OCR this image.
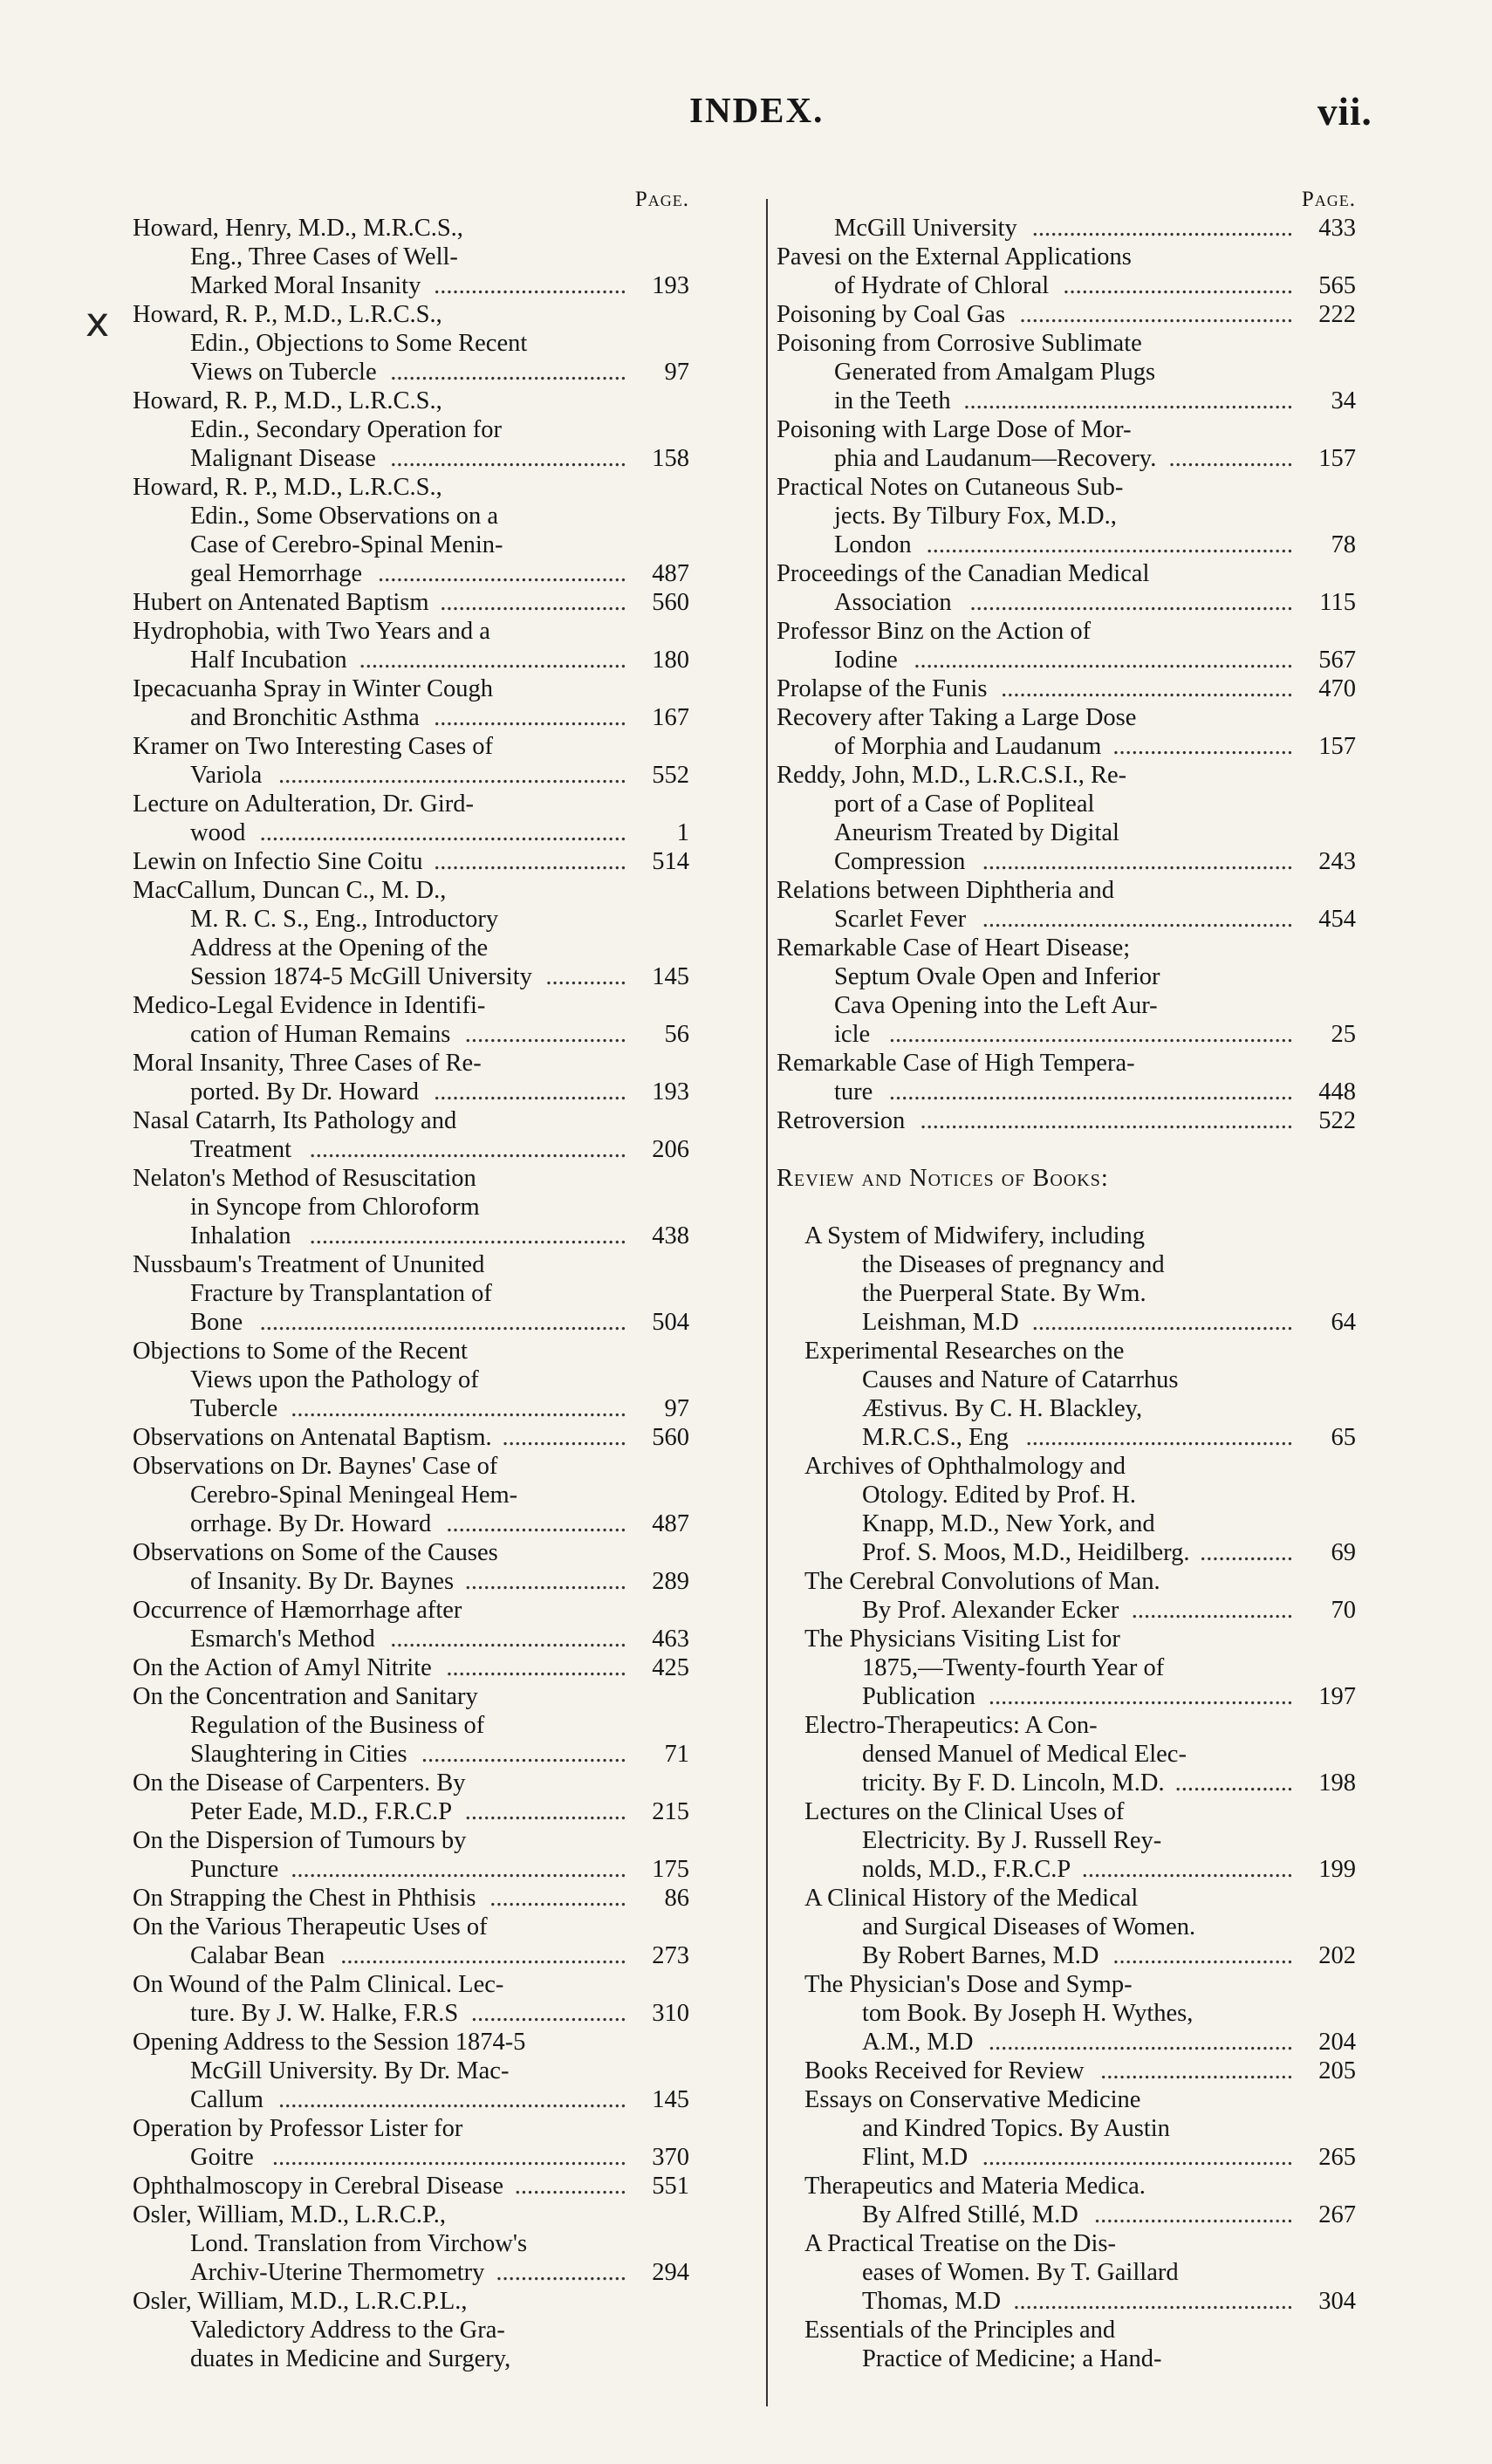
INDEX.	vii.
x
Page.
Howard, Henry, M.D., M.R.C.S.,
Eng., Three Cases of Well-
Marked Moral Insanity	193
...............................
Howard, R. P., M.D., L.R.C.S.,
Edin., Objections to Some Recent
Views on Tubercle	97
......................................
Howard, R. P., M.D., L.R.C.S.,
Edin., Secondary Operation for
Malignant Disease	158
......................................
Howard, R. P., M.D., L.R.C.S.,
Edin., Some Observations on a
Case of Cerebro-Spinal Menin-
geal Hemorrhage	487
........................................
Hubert on Antenated Baptism	560
..............................
Hydrophobia, with Two Years and a
Half Incubation	180
...........................................
Ipecacuanha Spray in Winter Cough
and Bronchitic Asthma	167
...............................
Kramer on Two Interesting Cases of
Variola	552
........................................................
Lecture on Adulteration, Dr. Gird-
wood	1
...........................................................
Lewin on Infectio Sine Coitu	514
...............................
MacCallum, Duncan C., M. D.,
M. R. C. S., Eng., Introductory
Address at the Opening of the
Session 1874-5 McGill University	145
.............
Medico-Legal Evidence in Identifi-
cation of Human Remains	56
..........................
Moral Insanity, Three Cases of Re-
ported. By Dr. Howard	193
...............................
Nasal Catarrh, Its Pathology and
Treatment	206
...................................................
Nelaton's Method of Resuscitation
in Syncope from Chloroform
Inhalation	438
...................................................
Nussbaum's Treatment of Ununited
Fracture by Transplantation of
Bone	504
...........................................................
Objections to Some of the Recent
Views upon the Pathology of
Tubercle	97
......................................................
Observations on Antenatal Baptism.	560
....................
Observations on Dr. Baynes' Case of
Cerebro-Spinal Meningeal Hem-
orrhage. By Dr. Howard	487
.............................
Observations on Some of the Causes
of Insanity. By Dr. Baynes	289
..........................
Occurrence of Hæmorrhage after
Esmarch's Method	463
......................................
On the Action of Amyl Nitrite	425
.............................
On the Concentration and Sanitary
Regulation of the Business of
Slaughtering in Cities	71
.................................
On the Disease of Carpenters. By
Peter Eade, M.D., F.R.C.P	215
..........................
On the Dispersion of Tumours by
Puncture	175
......................................................
On Strapping the Chest in Phthisis	86
......................
On the Various Therapeutic Uses of
Calabar Bean	273
..............................................
On Wound of the Palm Clinical. Lec-
ture. By J. W. Halke, F.R.S	310
.........................
Opening Address to the Session 1874-5
McGill University. By Dr. Mac-
Callum	145
........................................................
Operation by Professor Lister for
Goitre	370
.........................................................
Ophthalmoscopy in Cerebral Disease	551
..................
Osler, William, M.D., L.R.C.P.,
Lond. Translation from Virchow's
Archiv-Uterine Thermometry	294
.....................
Osler, William, M.D., L.R.C.P.L.,
Valedictory Address to the Gra-
duates in Medicine and Surgery,
Page.
McGill University	433
..........................................
Pavesi on the External Applications
of Hydrate of Chloral	565
.....................................
Poisoning by Coal Gas	222
............................................
Poisoning from Corrosive Sublimate
Generated from Amalgam Plugs
in the Teeth	34
.....................................................
Poisoning with Large Dose of Mor-
phia and Laudanum—Recovery.	157
....................
Practical Notes on Cutaneous Sub-
jects. By Tilbury Fox, M.D.,
London	78
...........................................................
Proceedings of the Canadian Medical
Association	115
....................................................
Professor Binz on the Action of
Iodine	567
.............................................................
Prolapse of the Funis	470
...............................................
Recovery after Taking a Large Dose
of Morphia and Laudanum	157
.............................
Reddy, John, M.D., L.R.C.S.I., Re-
port of a Case of Popliteal
Aneurism Treated by Digital
Compression	243
..................................................
Relations between Diphtheria and
Scarlet Fever	454
..................................................
Remarkable Case of Heart Disease;
Septum Ovale Open and Inferior
Cava Opening into the Left Aur-
icle	25
.................................................................
Remarkable Case of High Tempera-
ture	448
.................................................................
Retroversion	522
............................................................
Review and Notices of Books:
A System of Midwifery, including
the Diseases of pregnancy and
the Puerperal State. By Wm.
Leishman, M.D	64
..........................................
Experimental Researches on the
Causes and Nature of Catarrhus
Æstivus. By C. H. Blackley,
M.R.C.S., Eng	65
...........................................
Archives of Ophthalmology and
Otology. Edited by Prof. H.
Knapp, M.D., New York, and
Prof. S. Moos, M.D., Heidilberg.	69
...............
The Cerebral Convolutions of Man.
By Prof. Alexander Ecker	70
..........................
The Physicians Visiting List for
1875,—Twenty-fourth Year of
Publication	197
.................................................
Electro-Therapeutics: A Con-
densed Manuel of Medical Elec-
tricity. By F. D. Lincoln, M.D.	198
...................
Lectures on the Clinical Uses of
Electricity. By J. Russell Rey-
nolds, M.D., F.R.C.P	199
..................................
A Clinical History of the Medical
and Surgical Diseases of Women.
By Robert Barnes, M.D	202
.............................
The Physician's Dose and Symp-
tom Book. By Joseph H. Wythes,
A.M., M.D	204
.................................................
Books Received for Review	205
...............................
Essays on Conservative Medicine
and Kindred Topics. By Austin
Flint, M.D	265
..................................................
Therapeutics and Materia Medica.
By Alfred Stillé, M.D	267
................................
A Practical Treatise on the Dis-
eases of Women. By T. Gaillard
Thomas, M.D	304
.............................................
Essentials of the Principles and
Practice of Medicine; a Hand-
